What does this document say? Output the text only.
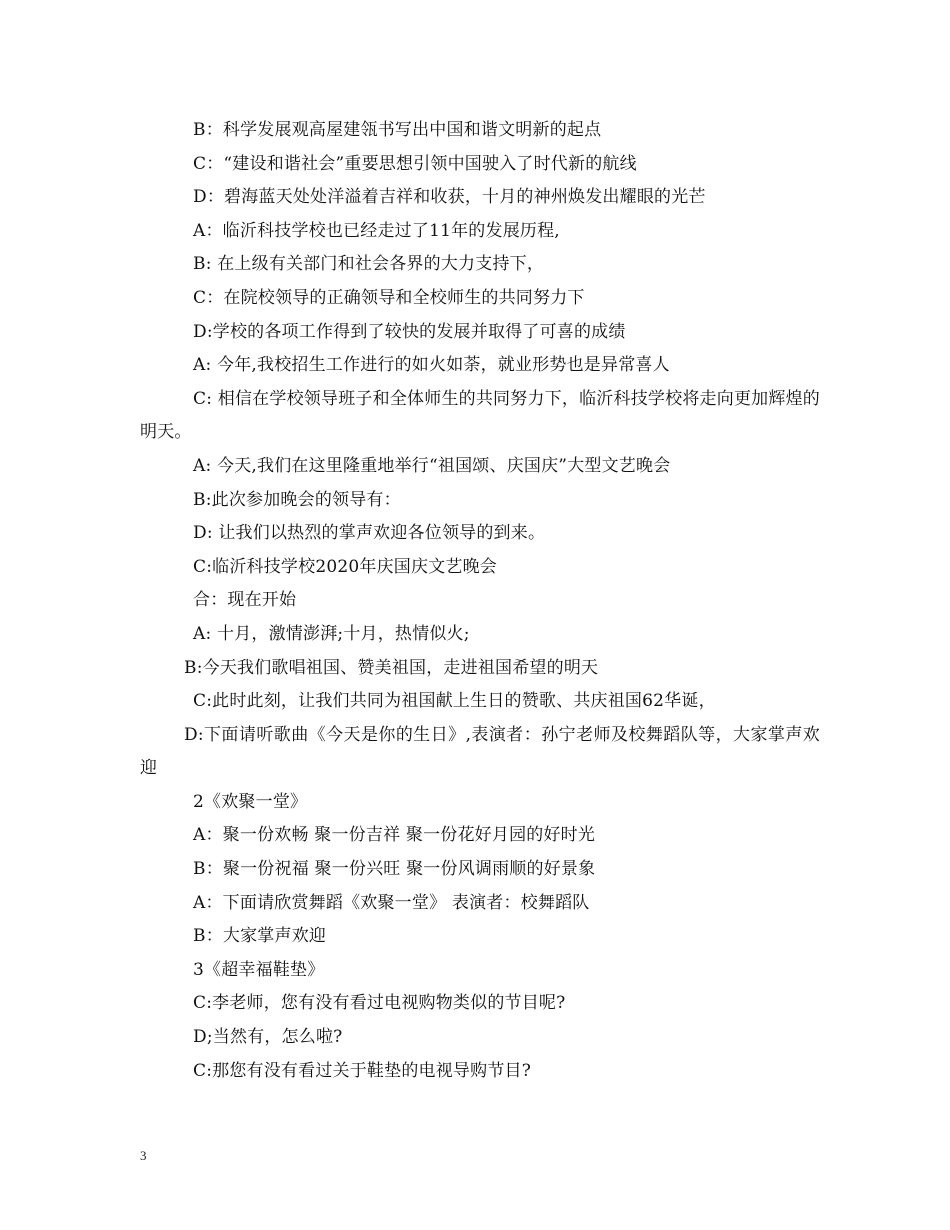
B：科学发展观高屋建瓴书写出中国和谐文明新的起点
C：“建设和谐社会”重要思想引领中国驶入了时代新的航线
D：碧海蓝天处处洋溢着吉祥和收获，十月的神州焕发出耀眼的光芒
A：临沂科技学校也已经走过了11年的发展历程,
B: 在上级有关部门和社会各界的大力支持下，
C：在院校领导的正确领导和全校师生的共同努力下
D:学校的各项工作得到了较快的发展并取得了可喜的成绩
A: 今年,我校招生工作进行的如火如荼，就业形势也是异常喜人
C: 相信在学校领导班子和全体师生的共同努力下，临沂科技学校将走向更加辉煌的明天。
A: 今天,我们在这里隆重地举行“祖国颂、庆国庆”大型文艺晚会
B:此次参加晚会的领导有：
D: 让我们以热烈的掌声欢迎各位领导的到来。
C:临沂科技学校2020年庆国庆文艺晚会
合：现在开始
A: 十月，激情澎湃;十月，热情似火;
B:今天我们歌唱祖国、赞美祖国，走进祖国希望的明天
C:此时此刻，让我们共同为祖国献上生日的赞歌、共庆祖国62华诞，
D:下面请听歌曲《今天是你的生日》,表演者：孙宁老师及校舞蹈队等，大家掌声欢迎
2《欢聚一堂》
A：聚一份欢畅 聚一份吉祥 聚一份花好月园的好时光
B：聚一份祝福 聚一份兴旺 聚一份风调雨顺的好景象
A：下面请欣赏舞蹈《欢聚一堂》 表演者：校舞蹈队
B：大家掌声欢迎
3《超幸福鞋垫》
C:李老师，您有没有看过电视购物类似的节目呢?
D;当然有，怎么啦?
C:那您有没有看过关于鞋垫的电视导购节目?
3
